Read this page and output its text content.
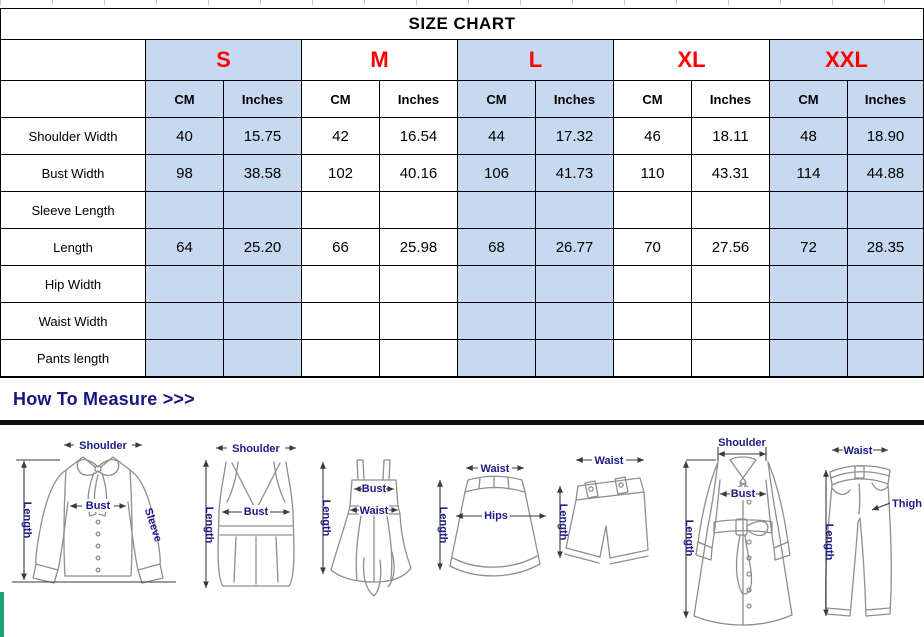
SIZE CHART										
	S		M		L		XL		XXL	
	CM	Inches	CM	Inches	CM	Inches	CM	Inches	CM	Inches
Shoulder Width	40	15.75	42	16.54	44	17.32	46	18.11	48	18.90
Bust Width	98	38.58	102	40.16	106	41.73	110	43.31	114	44.88
Sleeve Length										
Length	64	25.20	66	25.98	68	26.77	70	27.56	72	28.35
Hip Width										
Waist Width										
Pants length										
How To Measure >>>
Shoulder
Bust
Length	Sleeve
Shoulder
Bust
Length
Bust
Waist
Length
Waist
Hips
Length
Waist
Length
Shoulder
Bust
Length
Waist
Thigh
Length
